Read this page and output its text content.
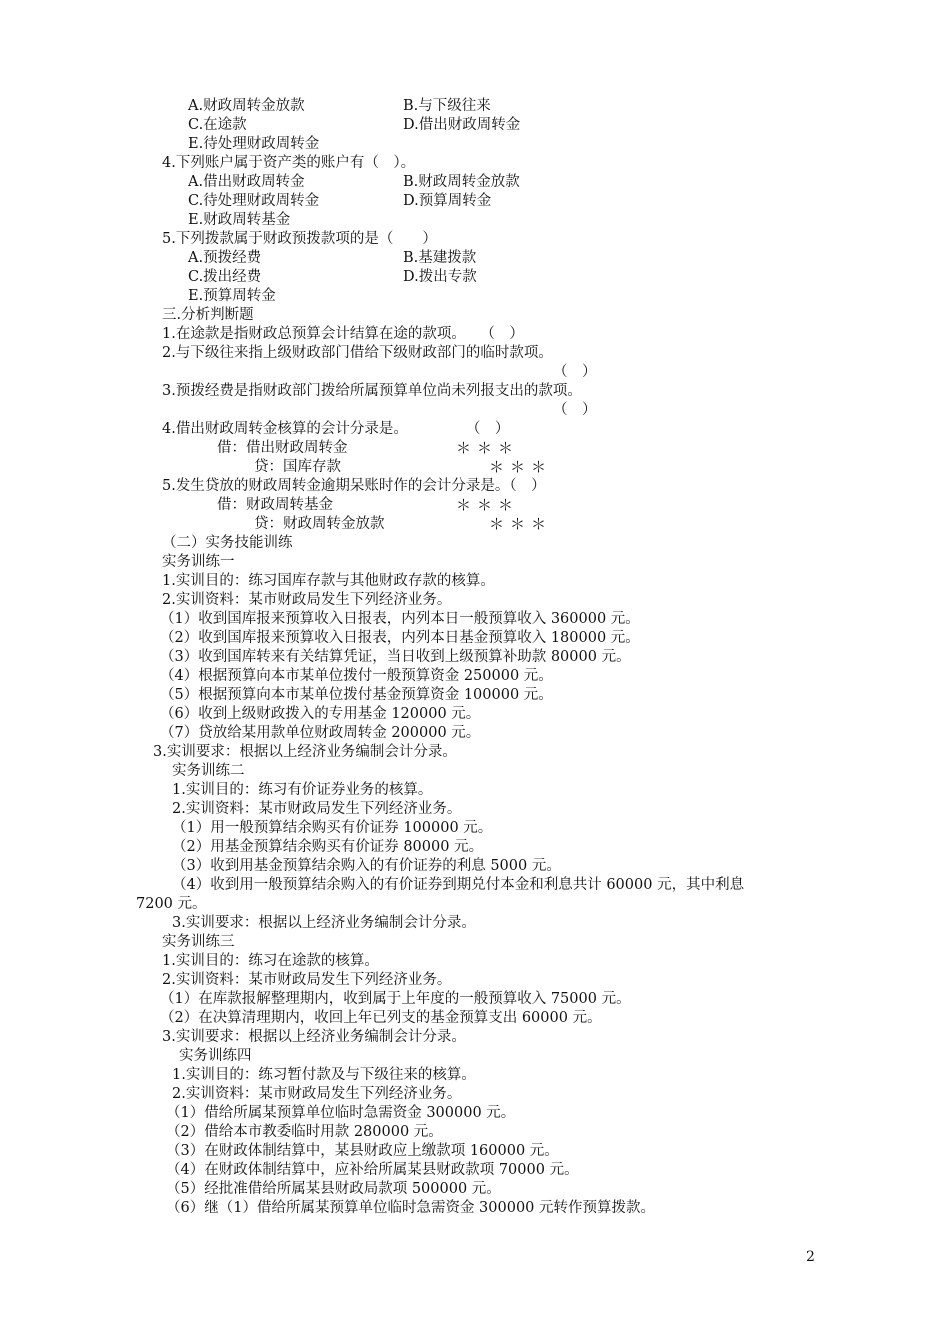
A.财政周转金放款	B.与下级往来
C.在途款	D.借出财政周转金
E.待处理财政周转金
4.下列账户属于资产类的账户有（　）。
A.借出财政周转金	B.财政周转金放款
C.待处理财政周转金	D.预算周转金
E.财政周转基金
5.下列拨款属于财政预拨款项的是（　　）
A.预拨经费	B.基建拨款
C.拨出经费	D.拨出专款
E.预算周转金
三.分析判断题
1.在途款是指财政总预算会计结算在途的款项。　　（　）
2.与下级往来指上级财政部门借给下级财政部门的临时款项。
（　）
3.预拨经费是指财政部门拨给所属预算单位尚未列报支出的款项。
（　）
4.借出财政周转金核算的会计分录是。　　　　　（　）
借：借出财政周转金	＊＊＊
贷：国库存款	＊＊＊
5.发生贷放的财政周转金逾期呆账时作的会计分录是。（　）
借：财政周转基金	＊＊＊
贷：财政周转金放款	＊＊＊
（二）实务技能训练
实务训练一
1.实训目的：练习国库存款与其他财政存款的核算。
2.实训资料：某市财政局发生下列经济业务。
（1）收到国库报来预算收入日报表，内列本日一般预算收入 360000 元。
（2）收到国库报来预算收入日报表，内列本日基金预算收入 180000 元。
（3）收到国库转来有关结算凭证，当日收到上级预算补助款 80000 元。
（4）根据预算向本市某单位拨付一般预算资金 250000 元。
（5）根据预算向本市某单位拨付基金预算资金 100000 元。
（6）收到上级财政拨入的专用基金 120000 元。
（7）贷放给某用款单位财政周转金 200000 元。
3.实训要求：根据以上经济业务编制会计分录。
实务训练二
1.实训目的：练习有价证券业务的核算。
2.实训资料：某市财政局发生下列经济业务。
（1）用一般预算结余购买有价证券 100000 元。
（2）用基金预算结余购买有价证券 80000 元。
（3）收到用基金预算结余购入的有价证券的利息 5000 元。
（4）收到用一般预算结余购入的有价证券到期兑付本金和利息共计 60000 元，其中利息
7200 元。
3.实训要求：根据以上经济业务编制会计分录。
实务训练三
1.实训目的：练习在途款的核算。
2.实训资料：某市财政局发生下列经济业务。
（1）在库款报解整理期内，收到属于上年度的一般预算收入 75000 元。
（2）在决算清理期内，收回上年已列支的基金预算支出 60000 元。
3.实训要求：根据以上经济业务编制会计分录。
实务训练四
1.实训目的：练习暂付款及与下级往来的核算。
2.实训资料：某市财政局发生下列经济业务。
（1）借给所属某预算单位临时急需资金 300000 元。
（2）借给本市教委临时用款 280000 元。
（3）在财政体制结算中，某县财政应上缴款项 160000 元。
（4）在财政体制结算中，应补给所属某县财政款项 70000 元。
（5）经批准借给所属某县财政局款项 500000 元。
（6）继（1）借给所属某预算单位临时急需资金 300000 元转作预算拨款。
2
